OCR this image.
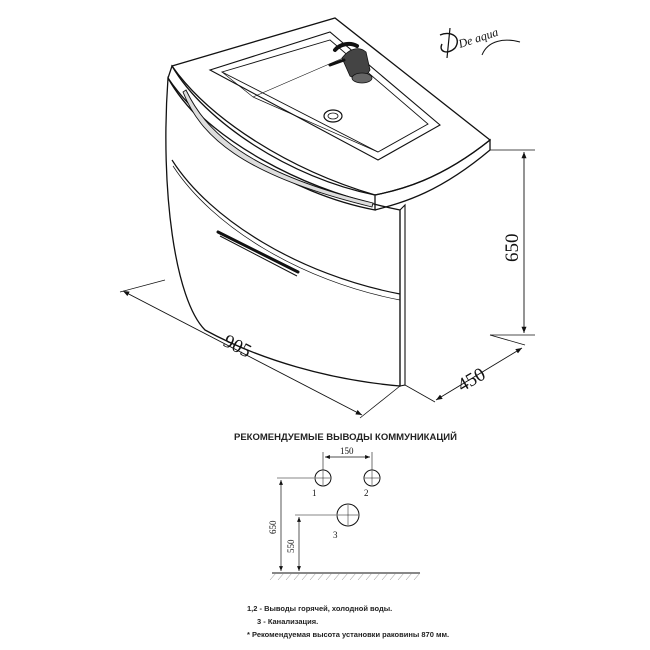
De aqua
905
650
450
РЕКОМЕНДУЕМЫЕ ВЫВОДЫ КОММУНИКАЦИЙ
150
650
550
1	2
3
1,2 - Выводы горячей, холодной воды.
3 - Канализация.
* Рекомендуемая высота установки раковины 870 мм.
